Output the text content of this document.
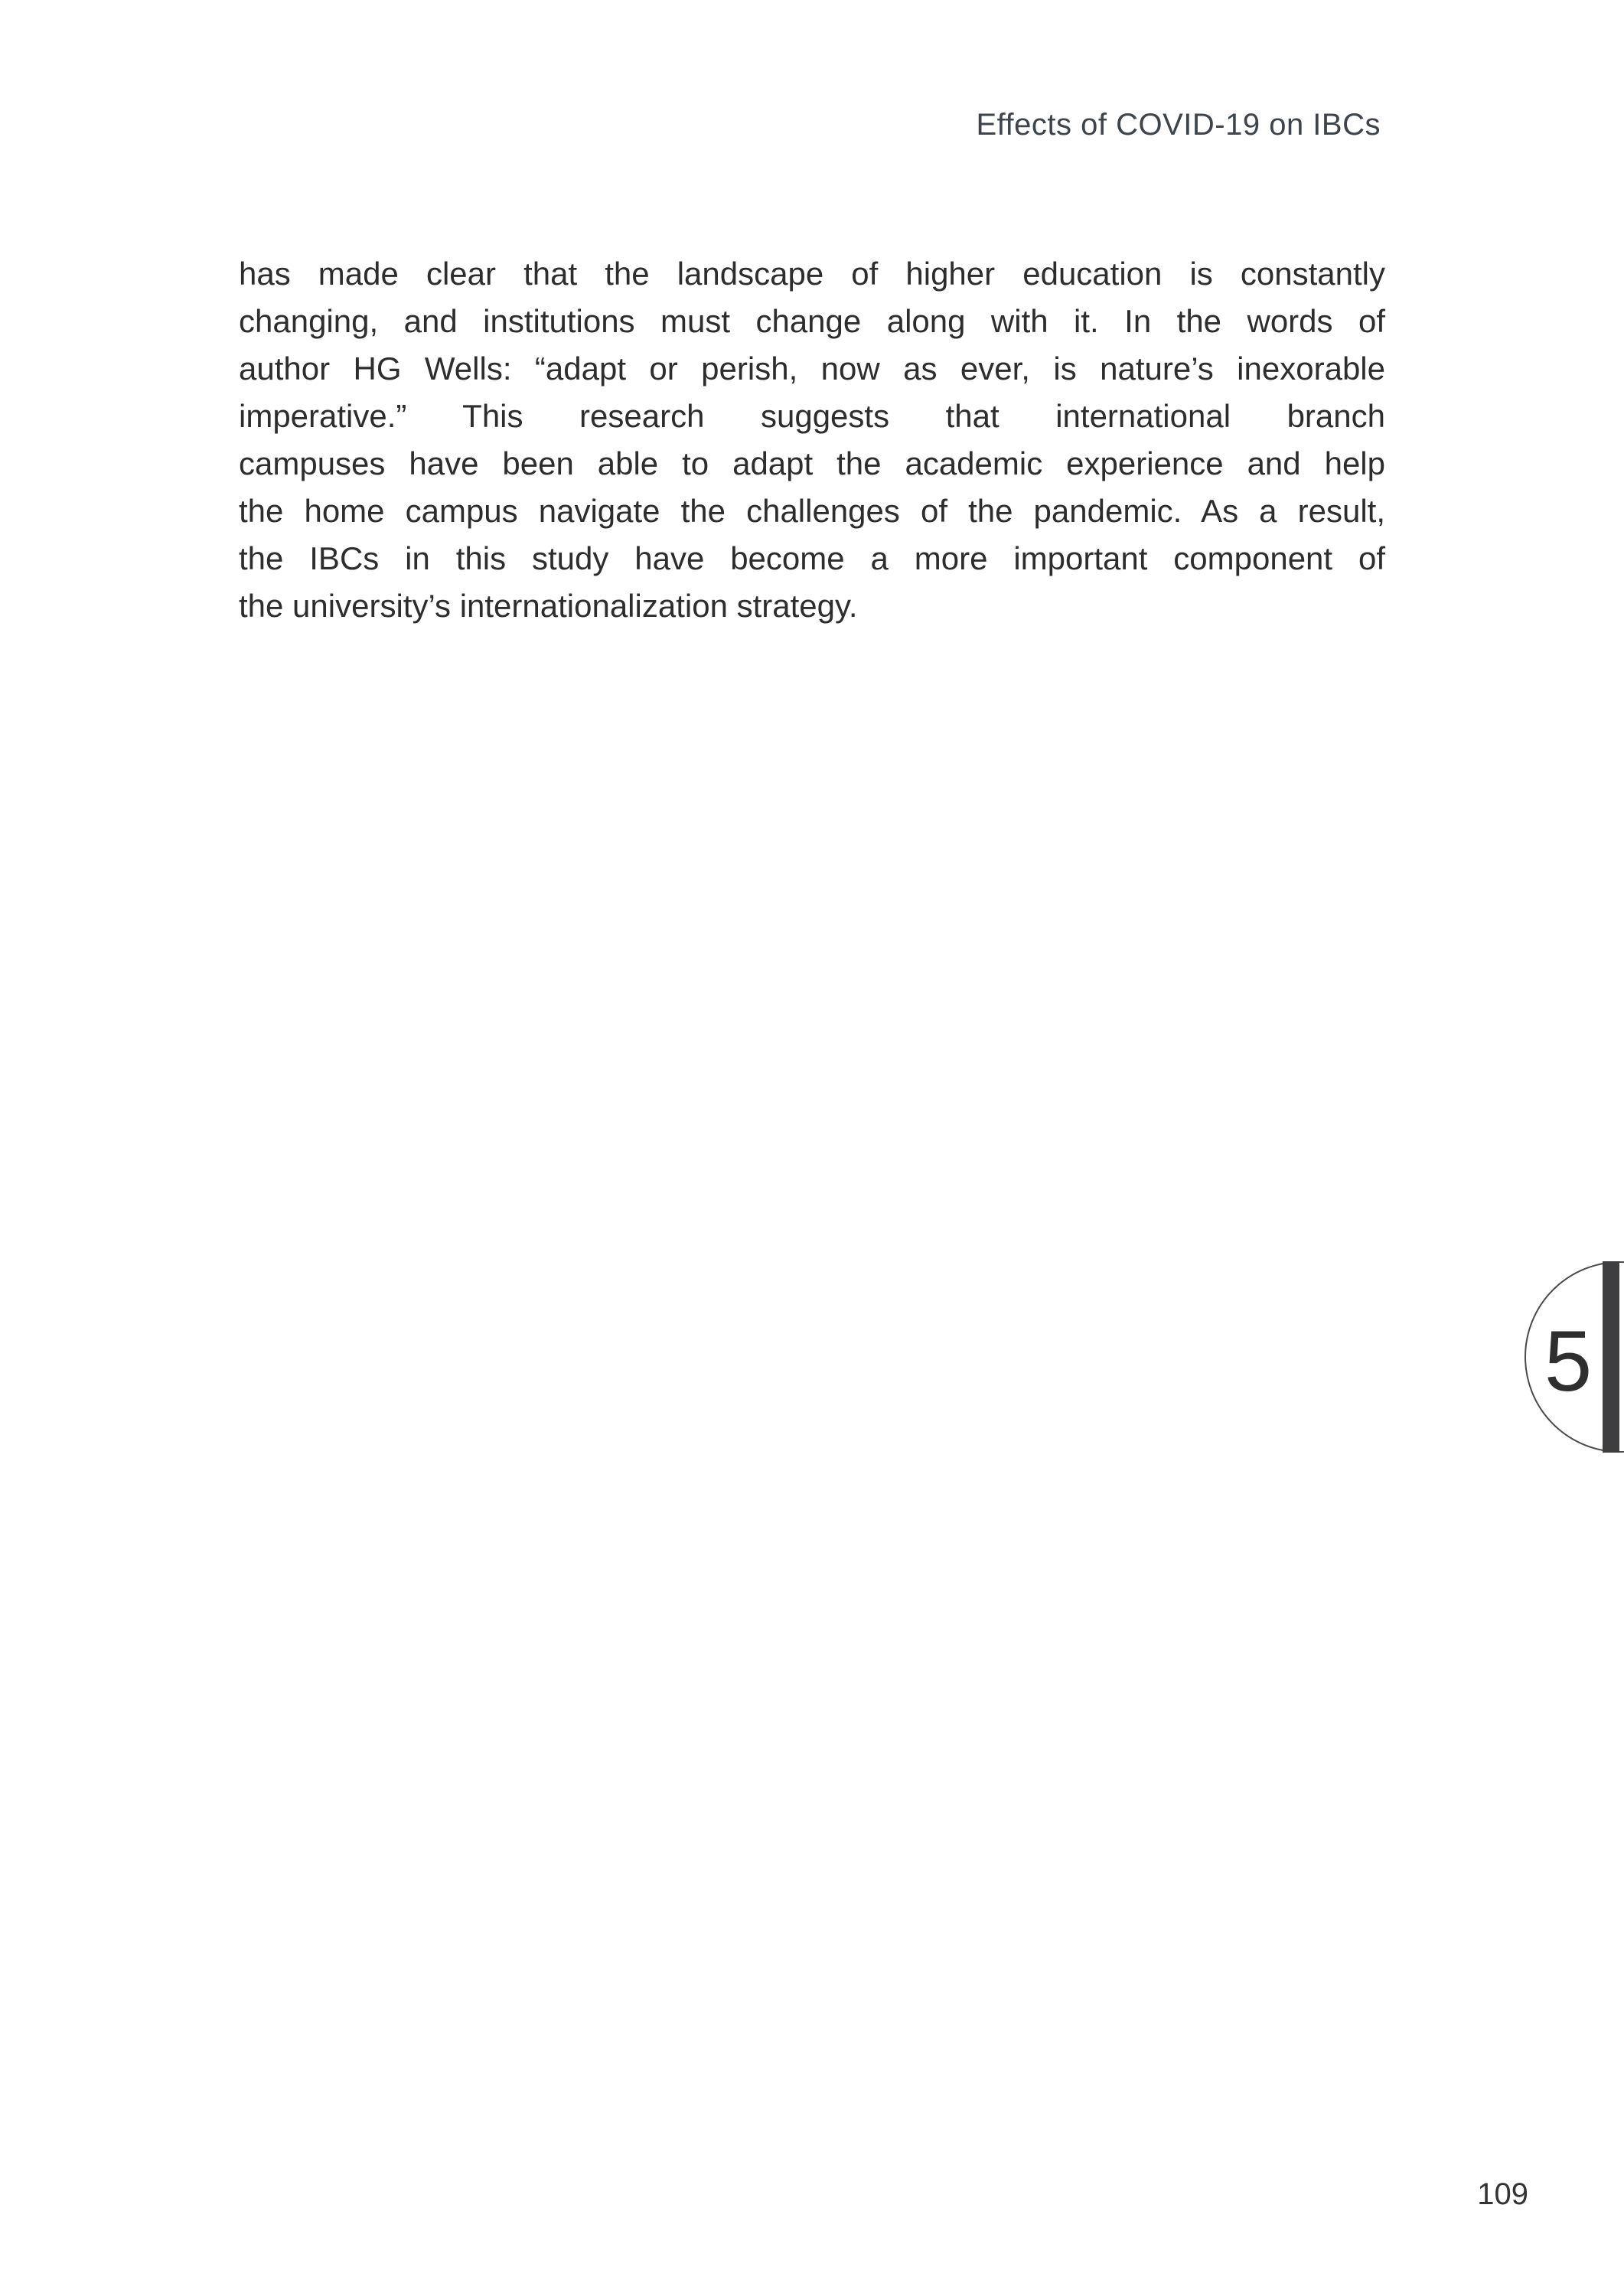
Effects of COVID-19 on IBCs
has made clear that the landscape of higher education is constantly
changing, and institutions must change along with it. In the words of
author HG Wells: “adapt or perish, now as ever, is nature’s inexorable
imperative.” This research suggests that international branch
campuses have been able to adapt the academic experience and help
the home campus navigate the challenges of the pandemic. As a result,
the IBCs in this study have become a more important component of
the university’s internationalization strategy.
5
109
